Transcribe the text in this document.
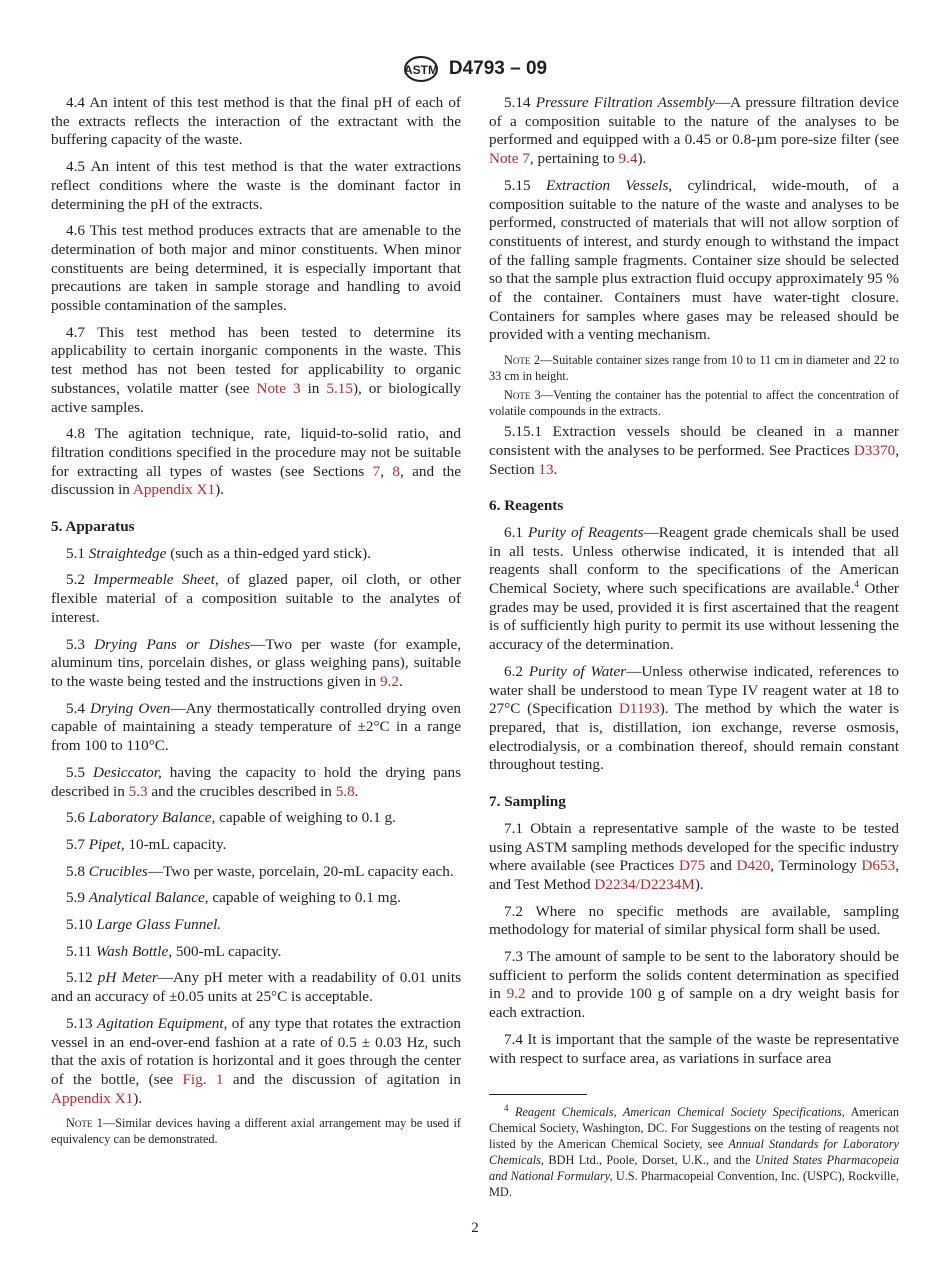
ASTM D4793 – 09
4.4 An intent of this test method is that the final pH of each of the extracts reflects the interaction of the extractant with the buffering capacity of the waste.
4.5 An intent of this test method is that the water extractions reflect conditions where the waste is the dominant factor in determining the pH of the extracts.
4.6 This test method produces extracts that are amenable to the determination of both major and minor constituents. When minor constituents are being determined, it is especially important that precautions are taken in sample storage and handling to avoid possible contamination of the samples.
4.7 This test method has been tested to determine its applicability to certain inorganic components in the waste. This test method has not been tested for applicability to organic substances, volatile matter (see Note 3 in 5.15), or biologically active samples.
4.8 The agitation technique, rate, liquid-to-solid ratio, and filtration conditions specified in the procedure may not be suitable for extracting all types of wastes (see Sections 7, 8, and the discussion in Appendix X1).
5. Apparatus
5.1 Straightedge (such as a thin-edged yard stick).
5.2 Impermeable Sheet, of glazed paper, oil cloth, or other flexible material of a composition suitable to the analytes of interest.
5.3 Drying Pans or Dishes—Two per waste (for example, aluminum tins, porcelain dishes, or glass weighing pans), suitable to the waste being tested and the instructions given in 9.2.
5.4 Drying Oven—Any thermostatically controlled drying oven capable of maintaining a steady temperature of ±2°C in a range from 100 to 110°C.
5.5 Desiccator, having the capacity to hold the drying pans described in 5.3 and the crucibles described in 5.8.
5.6 Laboratory Balance, capable of weighing to 0.1 g.
5.7 Pipet, 10-mL capacity.
5.8 Crucibles—Two per waste, porcelain, 20-mL capacity each.
5.9 Analytical Balance, capable of weighing to 0.1 mg.
5.10 Large Glass Funnel.
5.11 Wash Bottle, 500-mL capacity.
5.12 pH Meter—Any pH meter with a readability of 0.01 units and an accuracy of ±0.05 units at 25°C is acceptable.
5.13 Agitation Equipment, of any type that rotates the extraction vessel in an end-over-end fashion at a rate of 0.5 ± 0.03 Hz, such that the axis of rotation is horizontal and it goes through the center of the bottle, (see Fig. 1 and the discussion of agitation in Appendix X1).
Note 1—Similar devices having a different axial arrangement may be used if equivalency can be demonstrated.
5.14 Pressure Filtration Assembly—A pressure filtration device of a composition suitable to the nature of the analyses to be performed and equipped with a 0.45 or 0.8-µm pore-size filter (see Note 7, pertaining to 9.4).
5.15 Extraction Vessels, cylindrical, wide-mouth, of a composition suitable to the nature of the waste and analyses to be performed, constructed of materials that will not allow sorption of constituents of interest, and sturdy enough to withstand the impact of the falling sample fragments. Container size should be selected so that the sample plus extraction fluid occupy approximately 95 % of the container. Containers must have water-tight closure. Containers for samples where gases may be released should be provided with a venting mechanism.
Note 2—Suitable container sizes range from 10 to 11 cm in diameter and 22 to 33 cm in height.
Note 3—Venting the container has the potential to affect the concentration of volatile compounds in the extracts.
5.15.1 Extraction vessels should be cleaned in a manner consistent with the analyses to be performed. See Practices D3370, Section 13.
6. Reagents
6.1 Purity of Reagents—Reagent grade chemicals shall be used in all tests. Unless otherwise indicated, it is intended that all reagents shall conform to the specifications of the American Chemical Society, where such specifications are available.$^4$ Other grades may be used, provided it is first ascertained that the reagent is of sufficiently high purity to permit its use without lessening the accuracy of the determination.
6.2 Purity of Water—Unless otherwise indicated, references to water shall be understood to mean Type IV reagent water at 18 to 27°C (Specification D1193). The method by which the water is prepared, that is, distillation, ion exchange, reverse osmosis, electrodialysis, or a combination thereof, should remain constant throughout testing.
7. Sampling
7.1 Obtain a representative sample of the waste to be tested using ASTM sampling methods developed for the specific industry where available (see Practices D75 and D420, Terminology D653, and Test Method D2234/D2234M).
7.2 Where no specific methods are available, sampling methodology for material of similar physical form shall be used.
7.3 The amount of sample to be sent to the laboratory should be sufficient to perform the solids content determination as specified in 9.2 and to provide 100 g of sample on a dry weight basis for each extraction.
7.4 It is important that the sample of the waste be representative with respect to surface area, as variations in surface area
$^4$ Reagent Chemicals, American Chemical Society Specifications, American Chemical Society, Washington, DC. For Suggestions on the testing of reagents not listed by the American Chemical Society, see Annual Standards for Laboratory Chemicals, BDH Ltd., Poole, Dorset, U.K., and the United States Pharmacopeia and National Formulary, U.S. Pharmacopeial Convention, Inc. (USPC), Rockville, MD.
2
